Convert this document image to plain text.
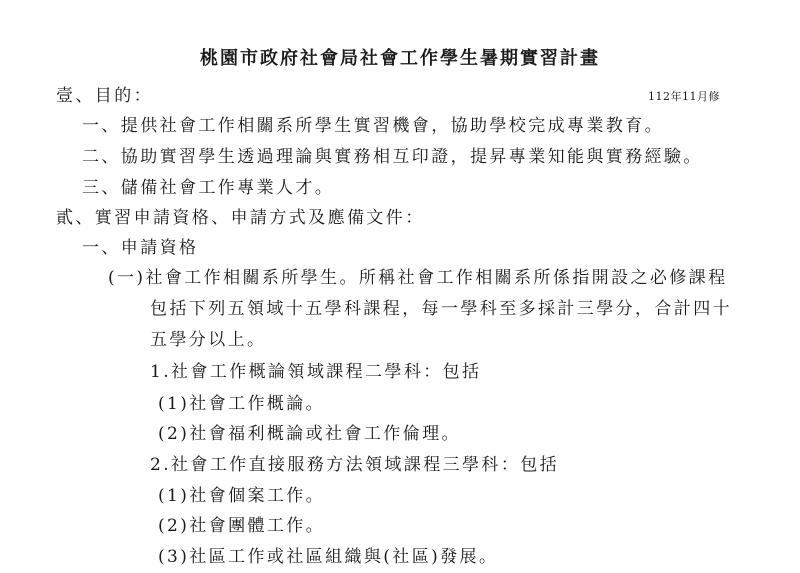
桃園市政府社會局社會工作學生暑期實習計畫
112年11月修
壹、目的：
一、提供社會工作相關系所學生實習機會，協助學校完成專業教育。
二、協助實習學生透過理論與實務相互印證，提昇專業知能與實務經驗。
三、儲備社會工作專業人才。
貳、實習申請資格、申請方式及應備文件：
一、申請資格
(一)社會工作相關系所學生。所稱社會工作相關系所係指開設之必修課程
包括下列五領域十五學科課程，每一學科至多採計三學分，合計四十
五學分以上。
1.社會工作概論領域課程二學科：包括
(1)社會工作概論。
(2)社會福利概論或社會工作倫理。
2.社會工作直接服務方法領域課程三學科：包括
(1)社會個案工作。
(2)社會團體工作。
(3)社區工作或社區組織與(社區)發展。
